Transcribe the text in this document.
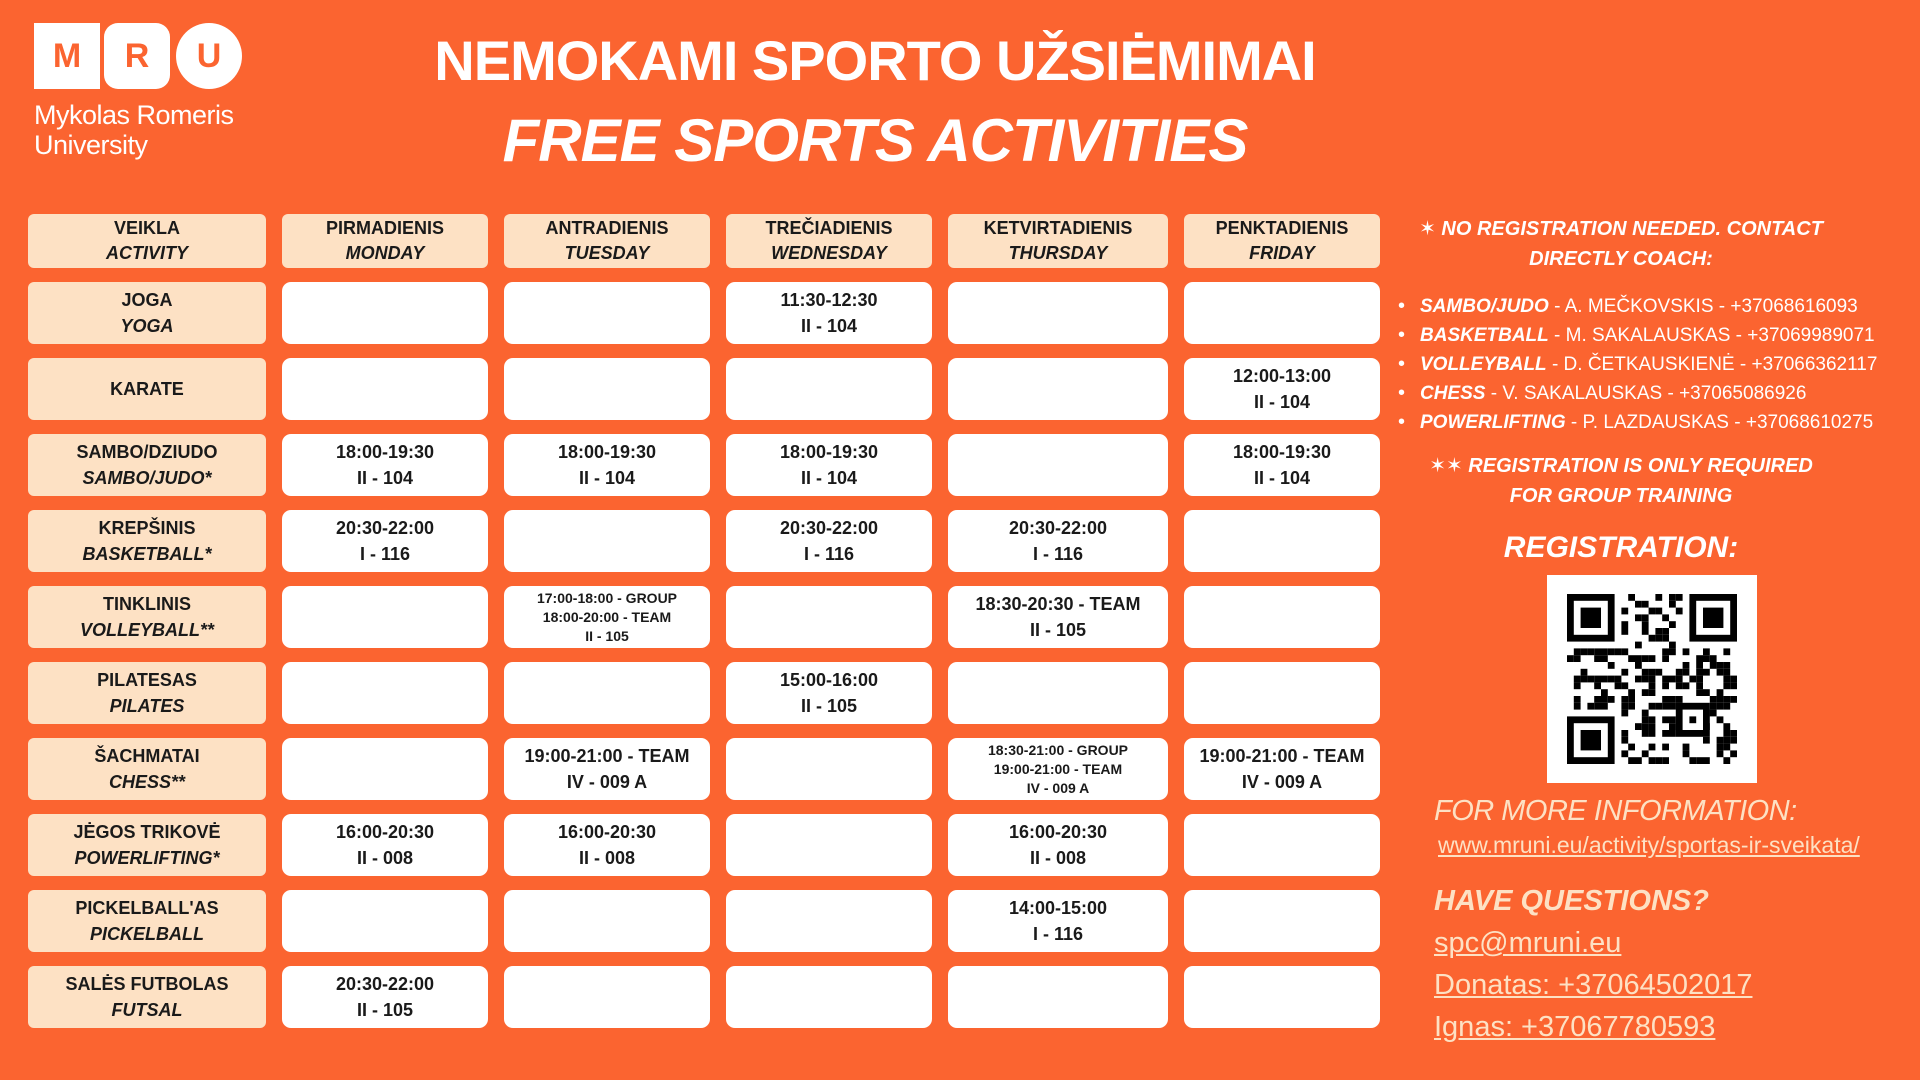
M	R	U
Mykolas Romeris
University
NEMOKAMI SPORTO UŽSIĖMIMAI
FREE SPORTS ACTIVITIES
VEIKLA
ACTIVITY
PIRMADIENIS
MONDAY
ANTRADIENIS
TUESDAY
TREČIADIENIS
WEDNESDAY
KETVIRTADIENIS
THURSDAY
PENKTADIENIS
FRIDAY
JOGA
YOGA
11:30-12:30
II - 104
KARATE
12:00-13:00
II - 104
SAMBO/DZIUDO
SAMBO/JUDO*
18:00-19:30
II - 104
18:00-19:30
II - 104
18:00-19:30
II - 104
18:00-19:30
II - 104
KREPŠINIS
BASKETBALL*
20:30-22:00
I - 116
20:30-22:00
I - 116
20:30-22:00
I - 116
TINKLINIS
VOLLEYBALL**
17:00-18:00 - GROUP
18:00-20:00 - TEAM
II - 105
18:30-20:30 - TEAM
II - 105
PILATESAS
PILATES
15:00-16:00
II - 105
ŠACHMATAI
CHESS**
19:00-21:00 - TEAM
IV - 009 A
18:30-21:00 - GROUP
19:00-21:00 - TEAM
IV - 009 A
19:00-21:00 - TEAM
IV - 009 A
JĖGOS TRIKOVĖ
POWERLIFTING*
16:00-20:30
II - 008
16:00-20:30
II - 008
16:00-20:30
II - 008
PICKELBALL'AS
PICKELBALL
14:00-15:00
I - 116
SALĖS FUTBOLAS
FUTSAL
20:30-22:00
II - 105
✶ NO REGISTRATION NEEDED. CONTACT DIRECTLY COACH:
• SAMBO/JUDO - A. MEČKOVSKIS - +37068616093
• BASKETBALL - M. SAKALAUSKAS - +37069989071
• VOLLEYBALL - D. ČETKAUSKIENĖ - +37066362117
• CHESS - V. SAKALAUSKAS - +37065086926
• POWERLIFTING - P. LAZDAUSKAS - +37068610275
✶✶ REGISTRATION IS ONLY REQUIRED FOR GROUP TRAINING
REGISTRATION:
FOR MORE INFORMATION:
www.mruni.eu/activity/sportas-ir-sveikata/
HAVE QUESTIONS?
spc@mruni.eu
Donatas: +37064502017
Ignas: +37067780593
